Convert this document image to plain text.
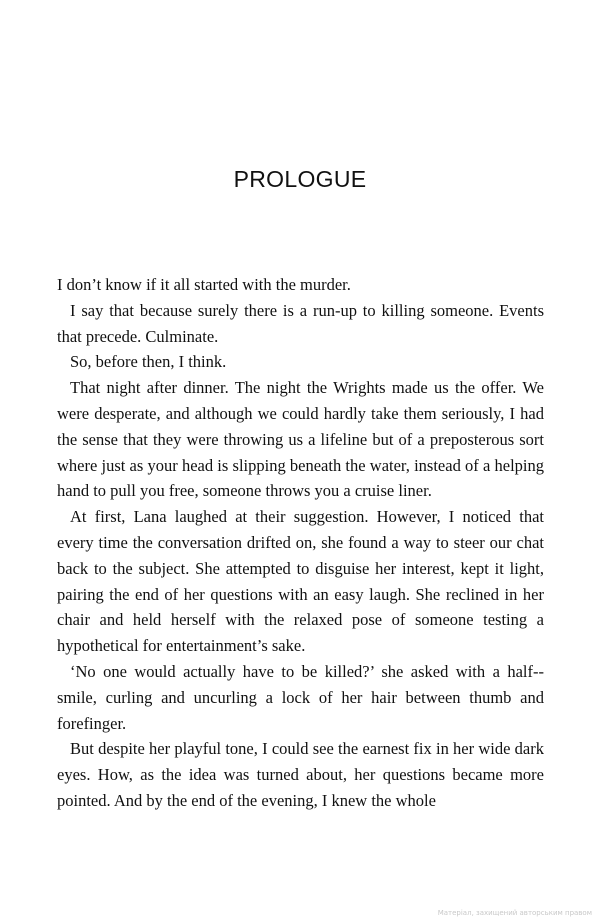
PROLOGUE

I don’t know if it all started with the murder.

I say that because surely there is a run-up to killing someone. Events that precede. Culminate.

So, before then, I think.

That night after dinner. The night the Wrights made us the offer. We were desperate, and although we could hardly take them seriously, I had the sense that they were throwing us a lifeline but of a preposterous sort where just as your head is slipping beneath the water, instead of a helping hand to pull you free, someone throws you a cruise liner.

At first, Lana laughed at their suggestion. However, I noticed that every time the conversation drifted on, she found a way to steer our chat back to the subject. She attempted to disguise her interest, kept it light, pairing the end of her questions with an easy laugh. She reclined in her chair and held herself with the relaxed pose of someone testing a hypothetical for entertainment’s sake.

‘No one would actually have to be killed?’ she asked with a half-- smile, curling and uncurling a lock of her hair between thumb and forefinger.

But despite her playful tone, I could see the earnest fix in her wide dark eyes. How, as the idea was turned about, her questions became more pointed. And by the end of the evening, I knew the whole

Матеріал, захищений авторським правом
